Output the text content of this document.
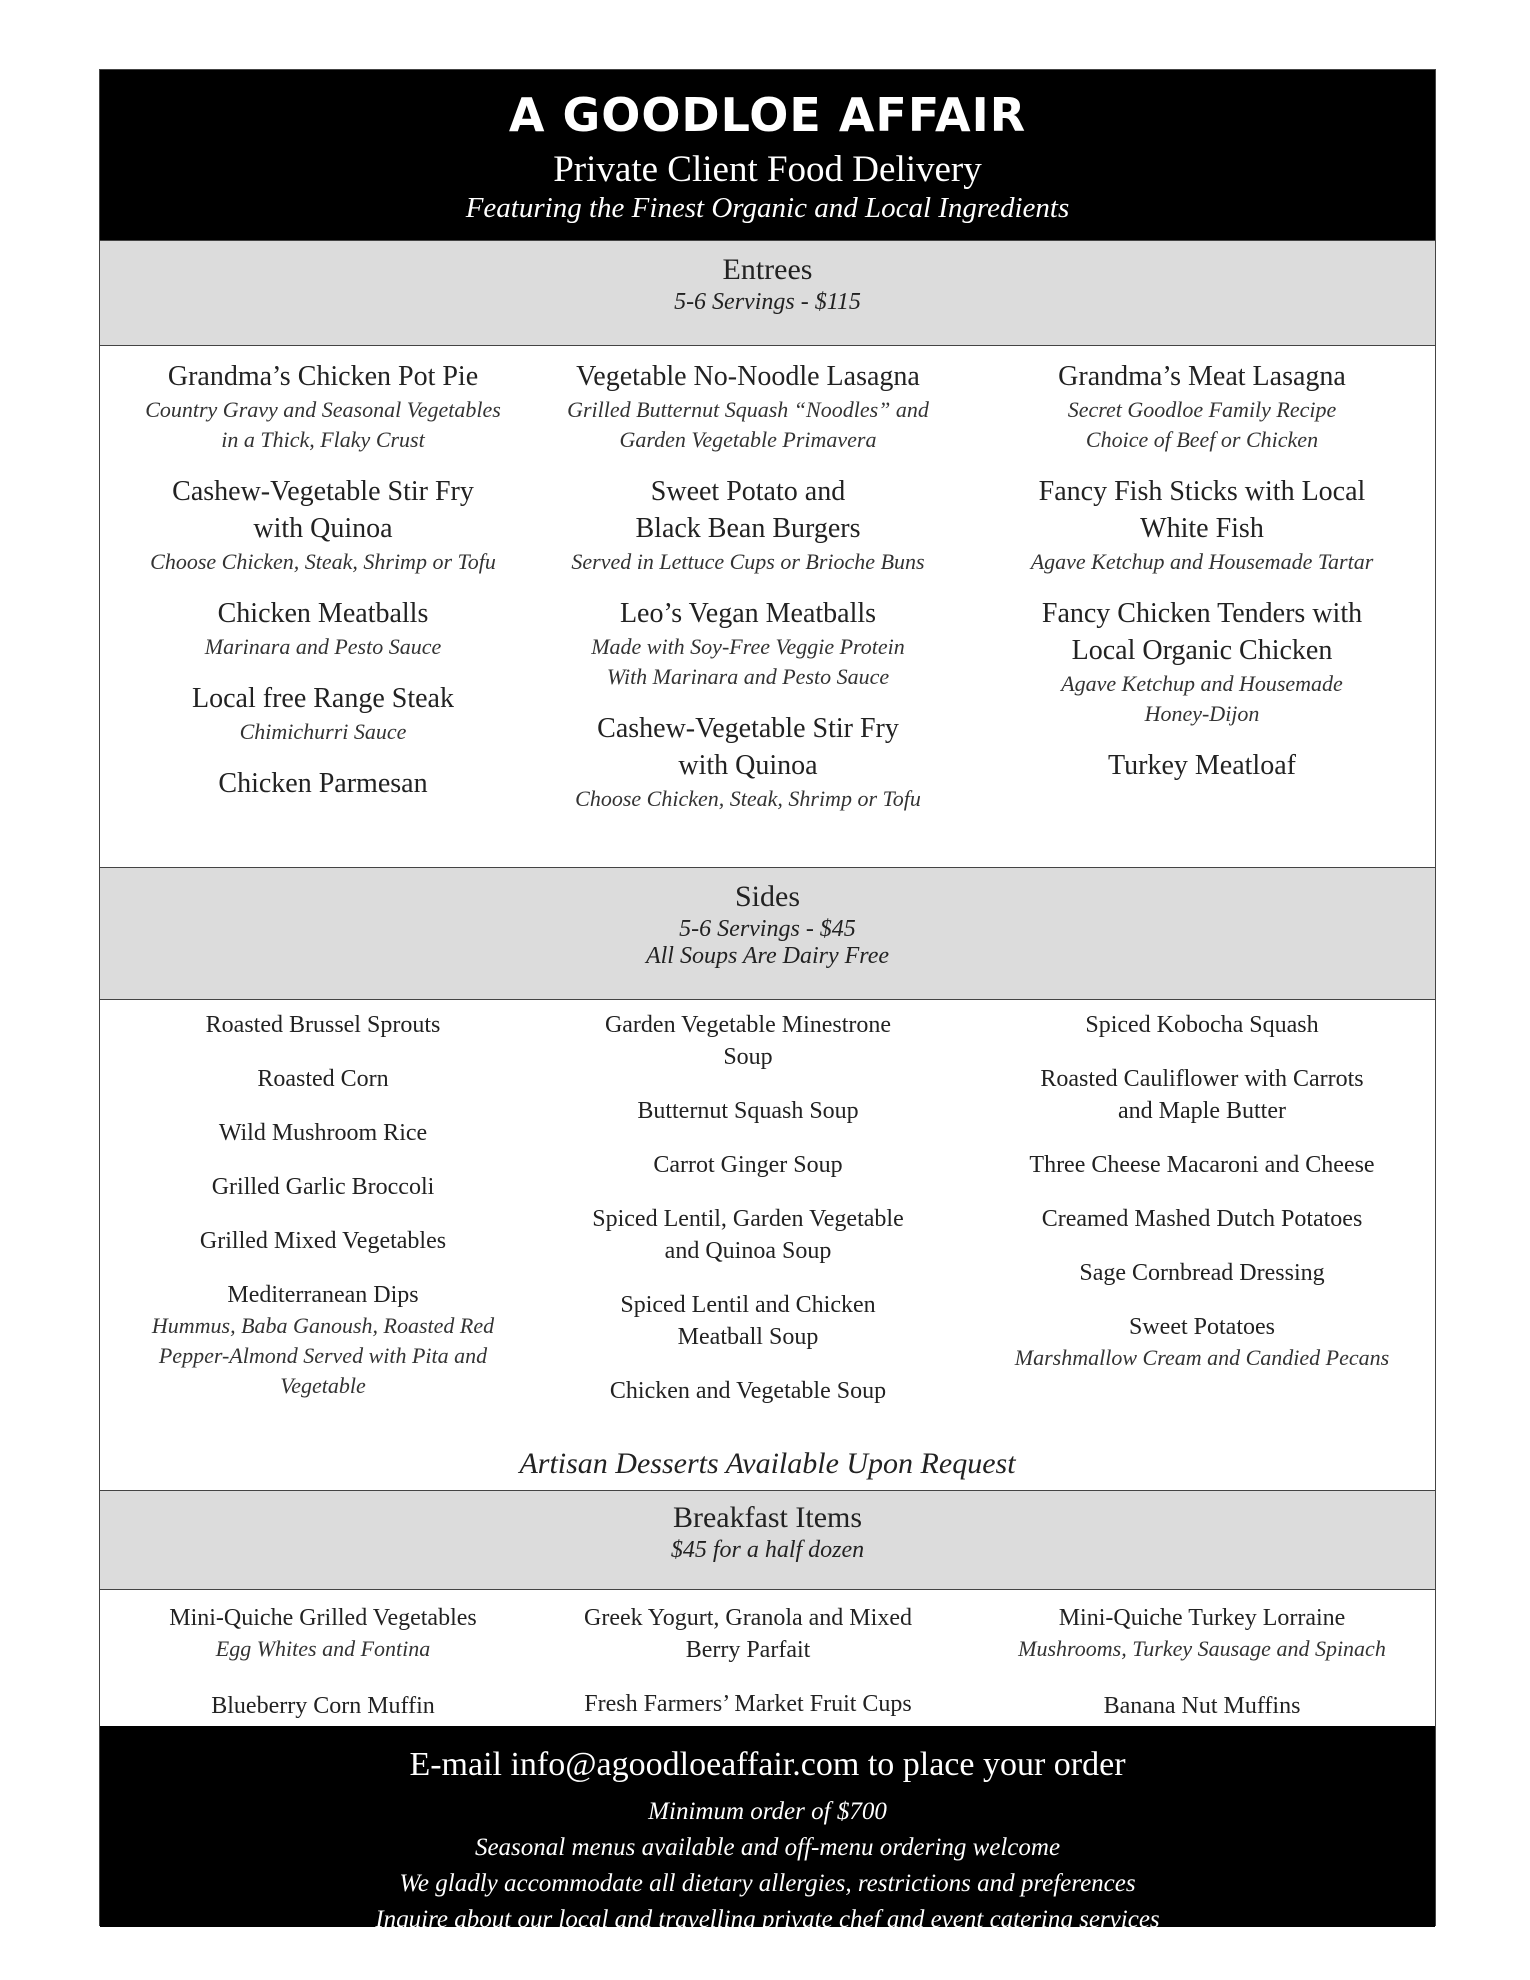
A GOODLOE AFFAIR
Private Client Food Delivery
Featuring the Finest Organic and Local Ingredients
Entrees
5-6 Servings - $115
Grandma’s Chicken Pot Pie
Country Gravy and Seasonal Vegetables
in a Thick, Flaky Crust
Cashew-Vegetable Stir Fry
with Quinoa
Choose Chicken, Steak, Shrimp or Tofu
Chicken Meatballs
Marinara and Pesto Sauce
Local free Range Steak
Chimichurri Sauce
Chicken Parmesan
Vegetable No-Noodle Lasagna
Grilled Butternut Squash “Noodles” and
Garden Vegetable Primavera
Sweet Potato and
Black Bean Burgers
Served in Lettuce Cups or Brioche Buns
Leo’s Vegan Meatballs
Made with Soy-Free Veggie Protein
With Marinara and Pesto Sauce
Cashew-Vegetable Stir Fry
with Quinoa
Choose Chicken, Steak, Shrimp or Tofu
Grandma’s Meat Lasagna
Secret Goodloe Family Recipe
Choice of Beef or Chicken
Fancy Fish Sticks with Local
White Fish
Agave Ketchup and Housemade Tartar
Fancy Chicken Tenders with
Local Organic Chicken
Agave Ketchup and Housemade
Honey-Dijon
Turkey Meatloaf
Sides
5-6 Servings - $45
All Soups Are Dairy Free
Roasted Brussel Sprouts
Roasted Corn
Wild Mushroom Rice
Grilled Garlic Broccoli
Grilled Mixed Vegetables
Mediterranean Dips
Hummus, Baba Ganoush, Roasted Red
Pepper-Almond Served with Pita and
Vegetable
Garden Vegetable Minestrone
Soup
Butternut Squash Soup
Carrot Ginger Soup
Spiced Lentil, Garden Vegetable
and Quinoa Soup
Spiced Lentil and Chicken
Meatball Soup
Chicken and Vegetable Soup
Spiced Kobocha Squash
Roasted Cauliflower with Carrots
and Maple Butter
Three Cheese Macaroni and Cheese
Creamed Mashed Dutch Potatoes
Sage Cornbread Dressing
Sweet Potatoes
Marshmallow Cream and Candied Pecans
Artisan Desserts Available Upon Request
Breakfast Items
$45 for a half dozen
Mini-Quiche Grilled Vegetables
Egg Whites and Fontina
Blueberry Corn Muffin
Greek Yogurt, Granola and Mixed
Berry Parfait
Fresh Farmers’ Market Fruit Cups
Mini-Quiche Turkey Lorraine
Mushrooms, Turkey Sausage and Spinach
Banana Nut Muffins
E-mail info@agoodloeaffair.com to place your order
Minimum order of $700
Seasonal menus available and off-menu ordering welcome
We gladly accommodate all dietary allergies, restrictions and preferences
Inquire about our local and travelling private chef and event catering services
